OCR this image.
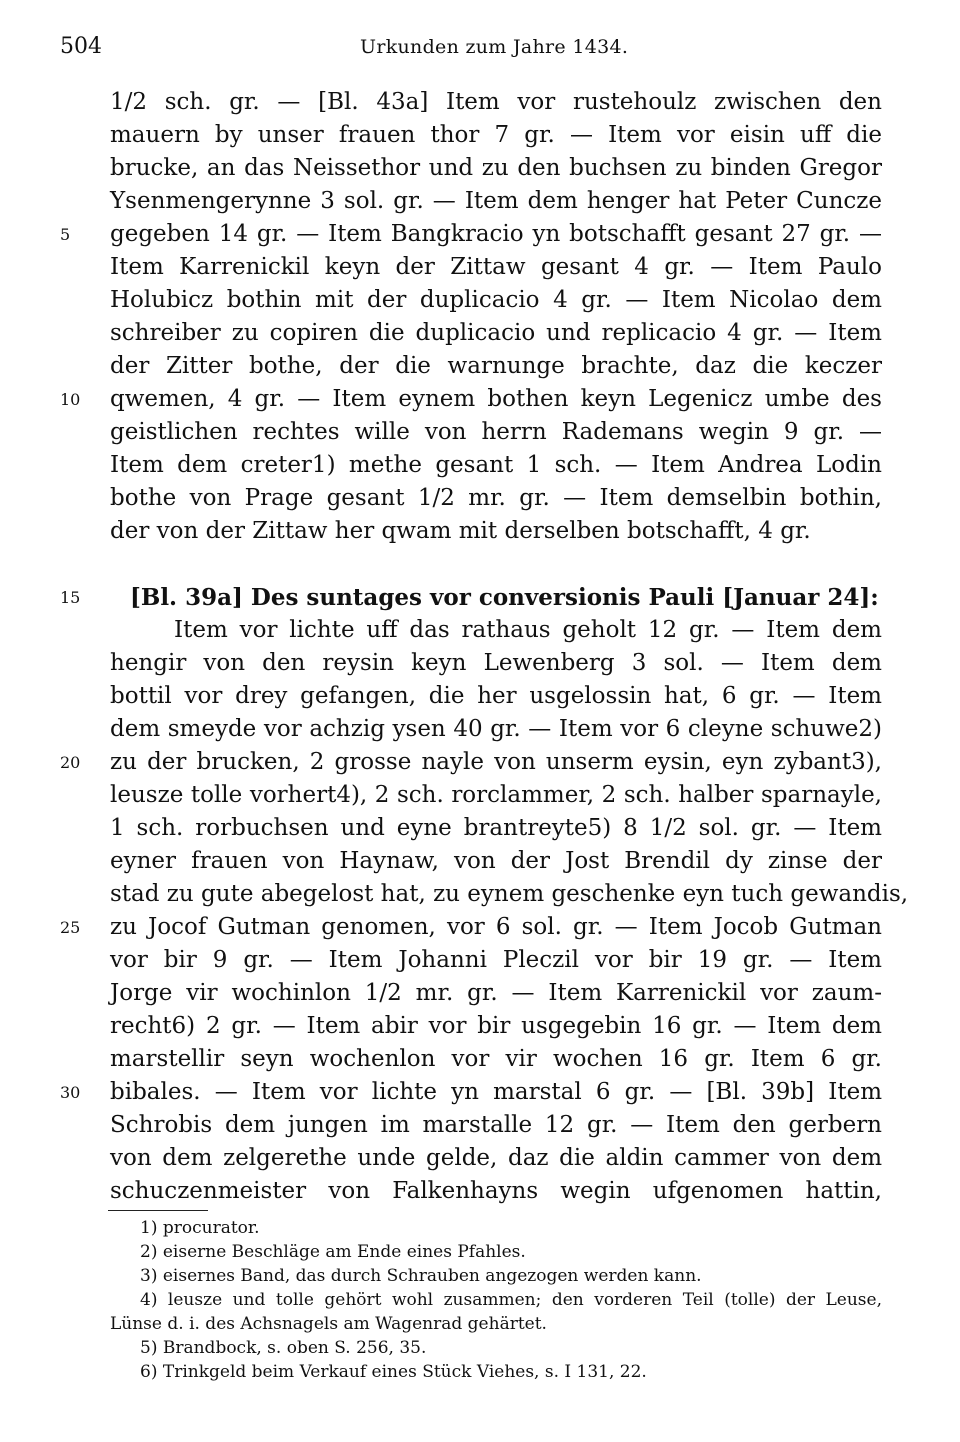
504	Urkunden zum Jahre 1434.
5
10
15
20
25
30
1/2 sch. gr. — [Bl. 43a] Item vor rustehoulz zwischen den
mauern by unser frauen thor 7 gr. — Item vor eisin uff die
brucke, an das Neissethor und zu den buchsen zu binden Gregor
Ysenmengerynne 3 sol. gr. — Item dem henger hat Peter Cuncze
gegeben 14 gr. — Item Bangkracio yn botschafft gesant 27 gr. —
Item Karrenickil keyn der Zittaw gesant 4 gr. — Item Paulo
Holubicz bothin mit der duplicacio 4 gr. — Item Nicolao dem
schreiber zu copiren die duplicacio und replicacio 4 gr. — Item
der Zitter bothe, der die warnunge brachte, daz die keczer
qwemen, 4 gr. — Item eynem bothen keyn Legenicz umbe des
geistlichen rechtes wille von herrn Rademans wegin 9 gr. —
Item dem creter1) methe gesant 1 sch. — Item Andrea Lodin
bothe von Prage gesant 1/2 mr. gr. — Item demselbin bothin,
der von der Zittaw her qwam mit derselben botschafft, 4 gr.
[Bl. 39a] Des suntages vor conversionis Pauli [Januar 24]:
Item vor lichte uff das rathaus geholt 12 gr. — Item dem
hengir von den reysin keyn Lewenberg 3 sol. — Item dem
bottil vor drey gefangen, die her usgelossin hat, 6 gr. — Item
dem smeyde vor achzig ysen 40 gr. — Item vor 6 cleyne schuwe2)
zu der brucken, 2 grosse nayle von unserm eysin, eyn zybant3),
leusze tolle vorhert4), 2 sch. rorclammer, 2 sch. halber sparnayle,
1 sch. rorbuchsen und eyne brantreyte5) 8 1/2 sol. gr. — Item
eyner frauen von Haynaw, von der Jost Brendil dy zinse der
stad zu gute abegelost hat, zu eynem geschenke eyn tuch gewandis,
zu Jocof Gutman genomen, vor 6 sol. gr. — Item Jocob Gutman
vor bir 9 gr. — Item Johanni Pleczil vor bir 19 gr. — Item
Jorge vir wochinlon 1/2 mr. gr. — Item Karrenickil vor zaum-
recht6) 2 gr. — Item abir vor bir usgegebin 16 gr. — Item dem
marstellir seyn wochenlon vor vir wochen 16 gr. Item 6 gr.
bibales. — Item vor lichte yn marstal 6 gr. — [Bl. 39b] Item
Schrobis dem jungen im marstalle 12 gr. — Item den gerbern
von dem zelgerethe unde gelde, daz die aldin cammer von dem
schuczenmeister von Falkenhayns wegin ufgenomen hattin,
1) procurator.
2) eiserne Beschläge am Ende eines Pfahles.
3) eisernes Band, das durch Schrauben angezogen werden kann.
4) leusze und tolle gehört wohl zusammen; den vorderen Teil (tolle) der Leuse,
Lünse d. i. des Achsnagels am Wagenrad gehärtet.
5) Brandbock, s. oben S. 256, 35.
6) Trinkgeld beim Verkauf eines Stück Viehes, s. I 131, 22.
